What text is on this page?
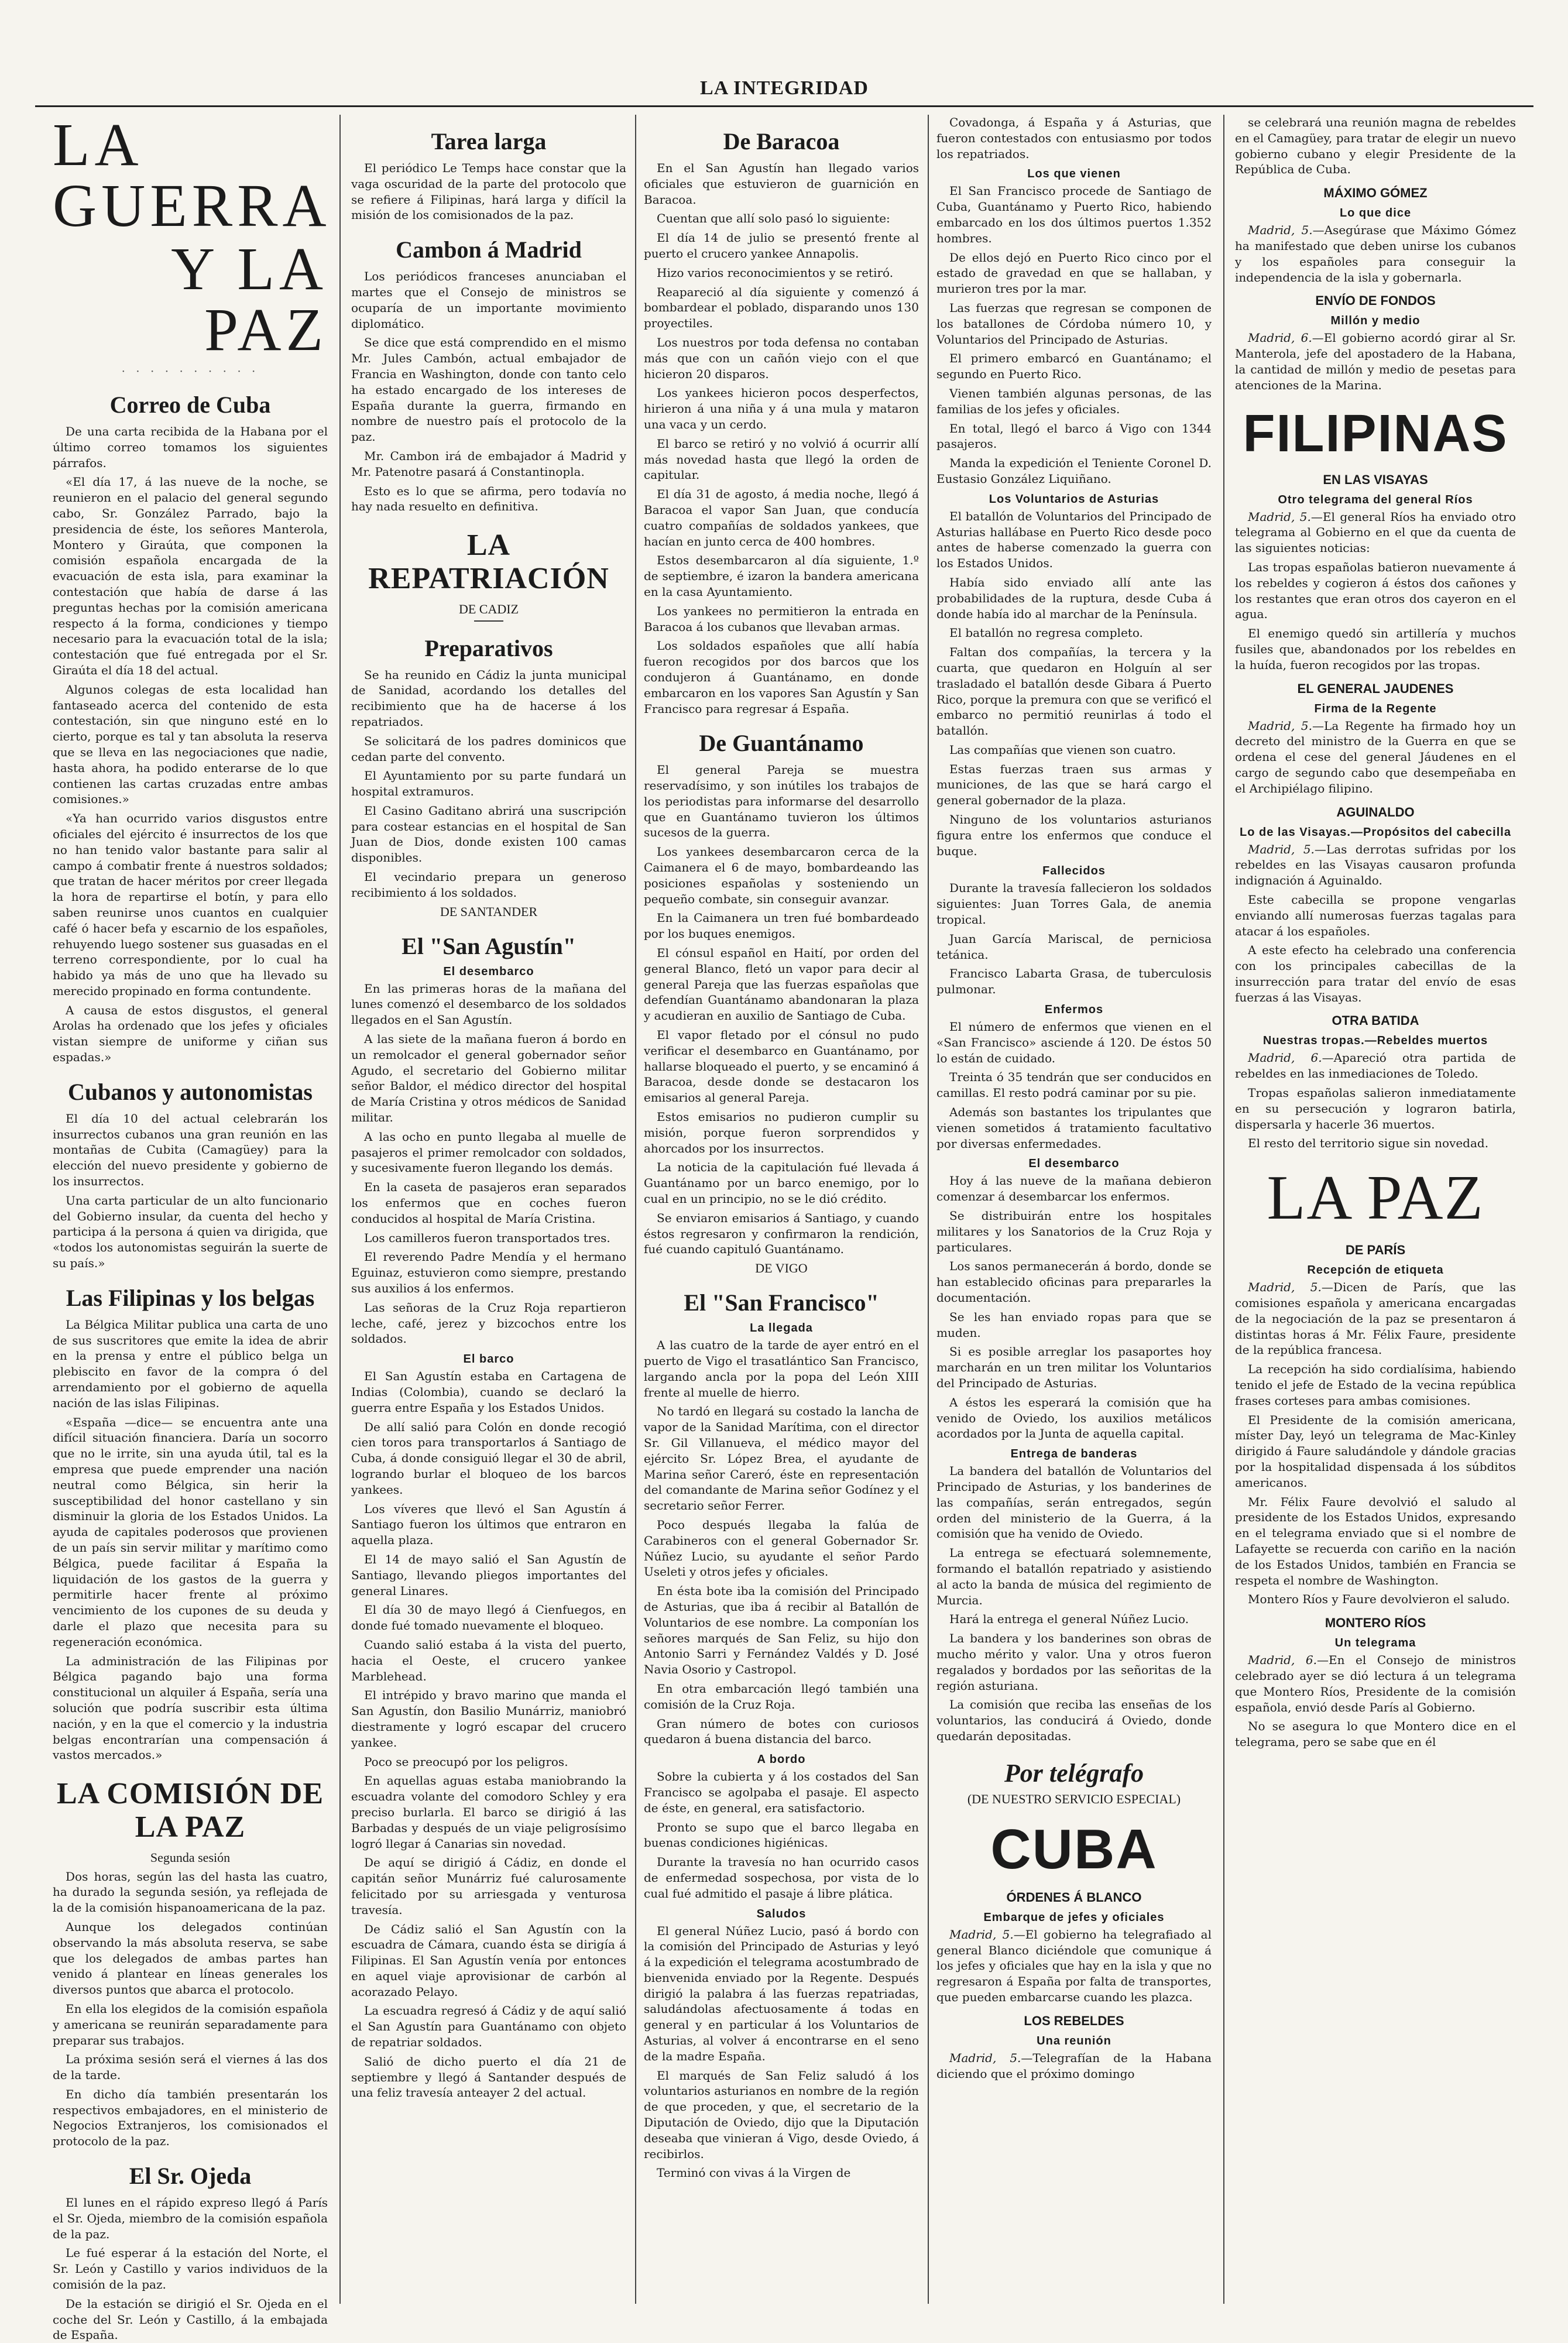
LA INTEGRIDAD
LA GUERRA
Y LA PAZ
· · · · · · · · · ·
Correo de Cuba

De una carta recibida de la Habana por el último correo tomamos los siguientes párrafos.

«El día 17, á las nueve de la noche, se reunieron en el palacio del general segundo cabo, Sr. González Parrado, bajo la presidencia de éste, los señores Manterola, Montero y Giraúta, que componen la comisión española encargada de la evacuación de esta isla, para examinar la contestación que había de darse á las preguntas hechas por la comisión americana respecto á la forma, condiciones y tiempo necesario para la evacuación total de la isla; contestación que fué entregada por el Sr. Giraúta el día 18 del actual.

Algunos colegas de esta localidad han fantaseado acerca del contenido de esta contestación, sin que ninguno esté en lo cierto, porque es tal y tan absoluta la reserva que se lleva en las negociaciones que nadie, hasta ahora, ha podido enterarse de lo que contienen las cartas cruzadas entre ambas comisiones.»

«Ya han ocurrido varios disgustos entre oficiales del ejército é insurrectos de los que no han tenido valor bastante para salir al campo á combatir frente á nuestros soldados; que tratan de hacer méritos por creer llegada la hora de repartirse el botín, y para ello saben reunirse unos cuantos en cualquier café ó hacer befa y escarnio de los españoles, rehuyendo luego sostener sus guasadas en el terreno correspondiente, por lo cual ha habido ya más de uno que ha llevado su merecido propinado en forma contundente.

A causa de estos disgustos, el general Arolas ha ordenado que los jefes y oficiales vistan siempre de uniforme y ciñan sus espadas.»

Cubanos y autonomistas

El día 10 del actual celebrarán los insurrectos cubanos una gran reunión en las montañas de Cubita (Camagüey) para la elección del nuevo presidente y gobierno de los insurrectos.

Una carta particular de un alto funcionario del Gobierno insular, da cuenta del hecho y participa á la persona á quien va dirigida, que «todos los autonomistas seguirán la suerte de su país.»

Las Filipinas y los belgas

La Bélgica Militar publica una carta de uno de sus suscritores que emite la idea de abrir en la prensa y entre el público belga un plebiscito en favor de la compra ó del arrendamiento por el gobierno de aquella nación de las islas Filipinas.

«España —dice— se encuentra ante una difícil situación financiera. Daría un socorro que no le irrite, sin una ayuda útil, tal es la empresa que puede emprender una nación neutral como Bélgica, sin herir la susceptibilidad del honor castellano y sin disminuir la gloria de los Estados Unidos. La ayuda de capitales poderosos que provienen de un país sin servir militar y marítimo como Bélgica, puede facilitar á España la liquidación de los gastos de la guerra y permitirle hacer frente al próximo vencimiento de los cupones de su deuda y darle el plazo que necesita para su regeneración económica.

La administración de las Filipinas por Bélgica pagando bajo una forma constitucional un alquiler á España, sería una solución que podría suscribir esta última nación, y en la que el comercio y la industria belgas encontrarían una compensación á vastos mercados.»

LA COMISIÓN DE LA PAZ
Segunda sesión

Dos horas, según las del hasta las cuatro, ha durado la segunda sesión, ya reflejada de la de la comisión hispanoamericana de la paz.

Aunque los delegados continúan observando la más absoluta reserva, se sabe que los delegados de ambas partes han venido á plantear en líneas generales los diversos puntos que abarca el protocolo.

En ella los elegidos de la comisión española y americana se reunirán separadamente para preparar sus trabajos.

La próxima sesión será el viernes á las dos de la tarde.

En dicho día también presentarán los respectivos embajadores, en el ministerio de Negocios Extranjeros, los comisionados el protocolo de la paz.

El Sr. Ojeda

El lunes en el rápido expreso llegó á París el Sr. Ojeda, miembro de la comisión española de la paz.

Le fué esperar á la estación del Norte, el Sr. León y Castillo y varios individuos de la comisión de la paz.

De la estación se dirigió el Sr. Ojeda en el coche del Sr. León y Castillo, á la embajada de España.

Tarea larga

El periódico Le Temps hace constar que la vaga oscuridad de la parte del protocolo que se refiere á Filipinas, hará larga y difícil la misión de los comisionados de la paz.

Cambon á Madrid

Los periódicos franceses anunciaban el martes que el Consejo de ministros se ocuparía de un importante movimiento diplomático.

Se dice que está comprendido en el mismo Mr. Jules Cambón, actual embajador de Francia en Washington, donde con tanto celo ha estado encargado de los intereses de España durante la guerra, firmando en nombre de nuestro país el protocolo de la paz.

Mr. Cambon irá de embajador á Madrid y Mr. Patenotre pasará á Constantinopla.

Esto es lo que se afirma, pero todavía no hay nada resuelto en definitiva.

LA REPATRIACIÓN
DE CADIZ
Preparativos

Se ha reunido en Cádiz la junta municipal de Sanidad, acordando los detalles del recibimiento que ha de hacerse á los repatriados.

Se solicitará de los padres dominicos que cedan parte del convento.

El Ayuntamiento por su parte fundará un hospital extramuros.

El Casino Gaditano abrirá una suscripción para costear estancias en el hospital de San Juan de Dios, donde existen 100 camas disponibles.

El vecindario prepara un generoso recibimiento á los soldados.

DE SANTANDER
El "San Agustín"
El desembarco

En las primeras horas de la mañana del lunes comenzó el desembarco de los soldados llegados en el San Agustín.

A las siete de la mañana fueron á bordo en un remolcador el general gobernador señor Agudo, el secretario del Gobierno militar señor Baldor, el médico director del hospital de María Cristina y otros médicos de Sanidad militar.

A las ocho en punto llegaba al muelle de pasajeros el primer remolcador con soldados, y sucesivamente fueron llegando los demás.

En la caseta de pasajeros eran separados los enfermos que en coches fueron conducidos al hospital de María Cristina.

Los camilleros fueron transportados tres.

El reverendo Padre Mendía y el hermano Eguinaz, estuvieron como siempre, prestando sus auxilios á los enfermos.

Las señoras de la Cruz Roja repartieron leche, café, jerez y bizcochos entre los soldados.

El barco

El San Agustín estaba en Cartagena de Indias (Colombia), cuando se declaró la guerra entre España y los Estados Unidos.

De allí salió para Colón en donde recogió cien toros para transportarlos á Santiago de Cuba, á donde consiguió llegar el 30 de abril, logrando burlar el bloqueo de los barcos yankees.

Los víveres que llevó el San Agustín á Santiago fueron los últimos que entraron en aquella plaza.

El 14 de mayo salió el San Agustín de Santiago, llevando pliegos importantes del general Linares.

El día 30 de mayo llegó á Cienfuegos, en donde fué tomado nuevamente el bloqueo.

Cuando salió estaba á la vista del puerto, hacia el Oeste, el crucero yankee Marblehead.

El intrépido y bravo marino que manda el San Agustín, don Basilio Munárriz, maniobró diestramente y logró escapar del crucero yankee.

Poco se preocupó por los peligros.

En aquellas aguas estaba maniobrando la escuadra volante del comodoro Schley y era preciso burlarla. El barco se dirigió á las Barbadas y después de un viaje peligrosísimo logró llegar á Canarias sin novedad.

De aquí se dirigió á Cádiz, en donde el capitán señor Munárriz fué calurosamente felicitado por su arriesgada y venturosa travesía.

De Cádiz salió el San Agustín con la escuadra de Cámara, cuando ésta se dirigía á Filipinas. El San Agustín venía por entonces en aquel viaje aprovisionar de carbón al acorazado Pelayo.

La escuadra regresó á Cádiz y de aquí salió el San Agustín para Guantánamo con objeto de repatriar soldados.

Salió de dicho puerto el día 21 de septiembre y llegó á Santander después de una feliz travesía anteayer 2 del actual.

De Baracoa

En el San Agustín han llegado varios oficiales que estuvieron de guarnición en Baracoa.

Cuentan que allí solo pasó lo siguiente:

El día 14 de julio se presentó frente al puerto el crucero yankee Annapolis.

Hizo varios reconocimientos y se retiró.

Reapareció al día siguiente y comenzó á bombardear el poblado, disparando unos 130 proyectiles.

Los nuestros por toda defensa no contaban más que con un cañón viejo con el que hicieron 20 disparos.

Los yankees hicieron pocos desperfectos, hirieron á una niña y á una mula y mataron una vaca y un cerdo.

El barco se retiró y no volvió á ocurrir allí más novedad hasta que llegó la orden de capitular.

El día 31 de agosto, á media noche, llegó á Baracoa el vapor San Juan, que conducía cuatro compañías de soldados yankees, que hacían en junto cerca de 400 hombres.

Estos desembarcaron al día siguiente, 1.º de septiembre, é izaron la bandera americana en la casa Ayuntamiento.

Los yankees no permitieron la entrada en Baracoa á los cubanos que llevaban armas.

Los soldados españoles que allí había fueron recogidos por dos barcos que los condujeron á Guantánamo, en donde embarcaron en los vapores San Agustín y San Francisco para regresar á España.

De Guantánamo

El general Pareja se muestra reservadísimo, y son inútiles los trabajos de los periodistas para informarse del desarrollo que en Guantánamo tuvieron los últimos sucesos de la guerra.

Los yankees desembarcaron cerca de la Caimanera el 6 de mayo, bombardeando las posiciones españolas y sosteniendo un pequeño combate, sin conseguir avanzar.

En la Caimanera un tren fué bombardeado por los buques enemigos.

El cónsul español en Haití, por orden del general Blanco, fletó un vapor para decir al general Pareja que las fuerzas españolas que defendían Guantánamo abandonaran la plaza y acudieran en auxilio de Santiago de Cuba.

El vapor fletado por el cónsul no pudo verificar el desembarco en Guantánamo, por hallarse bloqueado el puerto, y se encaminó á Baracoa, desde donde se destacaron los emisarios al general Pareja.

Estos emisarios no pudieron cumplir su misión, porque fueron sorprendidos y ahorcados por los insurrectos.

La noticia de la capitulación fué llevada á Guantánamo por un barco enemigo, por lo cual en un principio, no se le dió crédito.

Se enviaron emisarios á Santiago, y cuando éstos regresaron y confirmaron la rendición, fué cuando capituló Guantánamo.

DE VIGO
El "San Francisco"
La llegada

A las cuatro de la tarde de ayer entró en el puerto de Vigo el trasatlántico San Francisco, largando ancla por la popa del León XIII frente al muelle de hierro.

No tardó en llegará su costado la lancha de vapor de la Sanidad Marítima, con el director Sr. Gil Villanueva, el médico mayor del ejército Sr. López Brea, el ayudante de Marina señor Careró, éste en representación del comandante de Marina señor Godínez y el secretario señor Ferrer.

Poco después llegaba la falúa de Carabineros con el general Gobernador Sr. Núñez Lucio, su ayudante el señor Pardo Useleti y otros jefes y oficiales.

En ésta bote iba la comisión del Principado de Asturias, que iba á recibir al Batallón de Voluntarios de ese nombre. La componían los señores marqués de San Feliz, su hijo don Antonio Sarri y Fernández Valdés y D. José Navia Osorio y Castropol.

En otra embarcación llegó también una comisión de la Cruz Roja.

Gran número de botes con curiosos quedaron á buena distancia del barco.

A bordo

Sobre la cubierta y á los costados del San Francisco se agolpaba el pasaje. El aspecto de éste, en general, era satisfactorio.

Pronto se supo que el barco llegaba en buenas condiciones higiénicas.

Durante la travesía no han ocurrido casos de enfermedad sospechosa, por vista de lo cual fué admitido el pasaje á libre plática.

Saludos

El general Núñez Lucio, pasó á bordo con la comisión del Principado de Asturias y leyó á la expedición el telegrama acostumbrado de bienvenida enviado por la Regente. Después dirigió la palabra á las fuerzas repatriadas, saludándolas afectuosamente á todas en general y en particular á los Voluntarios de Asturias, al volver á encontrarse en el seno de la madre España.

El marqués de San Feliz saludó á los voluntarios asturianos en nombre de la región de que proceden, y que, el secretario de la Diputación de Oviedo, dijo que la Diputación deseaba que vinieran á Vigo, desde Oviedo, á recibirlos.

Terminó con vivas á la Virgen de

Covadonga, á España y á Asturias, que fueron contestados con entusiasmo por todos los repatriados.

Los que vienen

El San Francisco procede de Santiago de Cuba, Guantánamo y Puerto Rico, habiendo embarcado en los dos últimos puertos 1.352 hombres.

De ellos dejó en Puerto Rico cinco por el estado de gravedad en que se hallaban, y murieron tres por la mar.

Las fuerzas que regresan se componen de los batallones de Córdoba número 10, y Voluntarios del Principado de Asturias.

El primero embarcó en Guantánamo; el segundo en Puerto Rico.

Vienen también algunas personas, de las familias de los jefes y oficiales.

En total, llegó el barco á Vigo con 1344 pasajeros.

Manda la expedición el Teniente Coronel D. Eustasio González Liquiñano.

Los Voluntarios de Asturias

El batallón de Voluntarios del Principado de Asturias hallábase en Puerto Rico desde poco antes de haberse comenzado la guerra con los Estados Unidos.

Había sido enviado allí ante las probabilidades de la ruptura, desde Cuba á donde había ido al marchar de la Península.

El batallón no regresa completo.

Faltan dos compañías, la tercera y la cuarta, que quedaron en Holguín al ser trasladado el batallón desde Gibara á Puerto Rico, porque la premura con que se verificó el embarco no permitió reunirlas á todo el batallón.

Las compañías que vienen son cuatro.

Estas fuerzas traen sus armas y municiones, de las que se hará cargo el general gobernador de la plaza.

Ninguno de los voluntarios asturianos figura entre los enfermos que conduce el buque.

Fallecidos

Durante la travesía fallecieron los soldados siguientes: Juan Torres Gala, de anemia tropical.

Juan García Mariscal, de perniciosa tetánica.

Francisco Labarta Grasa, de tuberculosis pulmonar.

Enfermos

El número de enfermos que vienen en el «San Francisco» asciende á 120. De éstos 50 lo están de cuidado.

Treinta ó 35 tendrán que ser conducidos en camillas. El resto podrá caminar por su pie.

Además son bastantes los tripulantes que vienen sometidos á tratamiento facultativo por diversas enfermedades.

El desembarco

Hoy á las nueve de la mañana debieron comenzar á desembarcar los enfermos.

Se distribuirán entre los hospitales militares y los Sanatorios de la Cruz Roja y particulares.

Los sanos permanecerán á bordo, donde se han establecido oficinas para prepararles la documentación.

Se les han enviado ropas para que se muden.

Si es posible arreglar los pasaportes hoy marcharán en un tren militar los Voluntarios del Principado de Asturias.

A éstos les esperará la comisión que ha venido de Oviedo, los auxilios metálicos acordados por la Junta de aquella capital.

Entrega de banderas

La bandera del batallón de Voluntarios del Principado de Asturias, y los banderines de las compañías, serán entregados, según orden del ministerio de la Guerra, á la comisión que ha venido de Oviedo.

La entrega se efectuará solemnemente, formando el batallón repatriado y asistiendo al acto la banda de música del regimiento de Murcia.

Hará la entrega el general Núñez Lucio.

La bandera y los banderines son obras de mucho mérito y valor. Una y otros fueron regalados y bordados por las señoritas de la región asturiana.

La comisión que reciba las enseñas de los voluntarios, las conducirá á Oviedo, donde quedarán depositadas.

Por telégrafo
(DE NUESTRO SERVICIO ESPECIAL)
CUBA
ÓRDENES Á BLANCO
Embarque de jefes y oficiales

Madrid, 5.—El gobierno ha telegrafiado al general Blanco diciéndole que comunique á los jefes y oficiales que hay en la isla y que no regresaron á España por falta de transportes, que pueden embarcarse cuando les plazca.

LOS REBELDES
Una reunión

Madrid, 5.—Telegrafían de la Habana diciendo que el próximo domingo

se celebrará una reunión magna de rebeldes en el Camagüey, para tratar de elegir un nuevo gobierno cubano y elegir Presidente de la República de Cuba.

MÁXIMO GÓMEZ
Lo que dice

Madrid, 5.—Asegúrase que Máximo Gómez ha manifestado que deben unirse los cubanos y los españoles para conseguir la independencia de la isla y gobernarla.

ENVÍO DE FONDOS
Millón y medio

Madrid, 6.—El gobierno acordó girar al Sr. Manterola, jefe del apostadero de la Habana, la cantidad de millón y medio de pesetas para atenciones de la Marina.

FILIPINAS
EN LAS VISAYAS
Otro telegrama del general Ríos

Madrid, 5.—El general Ríos ha enviado otro telegrama al Gobierno en el que da cuenta de las siguientes noticias:

Las tropas españolas batieron nuevamente á los rebeldes y cogieron á éstos dos cañones y los restantes que eran otros dos cayeron en el agua.

El enemigo quedó sin artillería y muchos fusiles que, abandonados por los rebeldes en la huída, fueron recogidos por las tropas.

EL GENERAL JAUDENES
Firma de la Regente

Madrid, 5.—La Regente ha firmado hoy un decreto del ministro de la Guerra en que se ordena el cese del general Jáudenes en el cargo de segundo cabo que desempeñaba en el Archipiélago filipino.

AGUINALDO
Lo de las Visayas.—Propósitos del cabecilla

Madrid, 5.—Las derrotas sufridas por los rebeldes en las Visayas causaron profunda indignación á Aguinaldo.

Este cabecilla se propone vengarlas enviando allí numerosas fuerzas tagalas para atacar á los españoles.

A este efecto ha celebrado una conferencia con los principales cabecillas de la insurrección para tratar del envío de esas fuerzas á las Visayas.

OTRA BATIDA
Nuestras tropas.—Rebeldes muertos

Madrid, 6.—Apareció otra partida de rebeldes en las inmediaciones de Toledo.

Tropas españolas salieron inmediatamente en su persecución y lograron batirla, dispersarla y hacerle 36 muertos.

El resto del territorio sigue sin novedad.

LA PAZ
DE PARÍS
Recepción de etiqueta

Madrid, 5.—Dicen de París, que las comisiones española y americana encargadas de la negociación de la paz se presentaron á distintas horas á Mr. Félix Faure, presidente de la república francesa.

La recepción ha sido cordialísima, habiendo tenido el jefe de Estado de la vecina república frases corteses para ambas comisiones.

El Presidente de la comisión americana, míster Day, leyó un telegrama de Mac-Kinley dirigido á Faure saludándole y dándole gracias por la hospitalidad dispensada á los súbditos americanos.

Mr. Félix Faure devolvió el saludo al presidente de los Estados Unidos, expresando en el telegrama enviado que si el nombre de Lafayette se recuerda con cariño en la nación de los Estados Unidos, también en Francia se respeta el nombre de Washington.

Montero Ríos y Faure devolvieron el saludo.

MONTERO RÍOS
Un telegrama

Madrid, 6.—En el Consejo de ministros celebrado ayer se dió lectura á un telegrama que Montero Ríos, Presidente de la comisión española, envió desde París al Gobierno.

No se asegura lo que Montero dice en el telegrama, pero se sabe que en él
